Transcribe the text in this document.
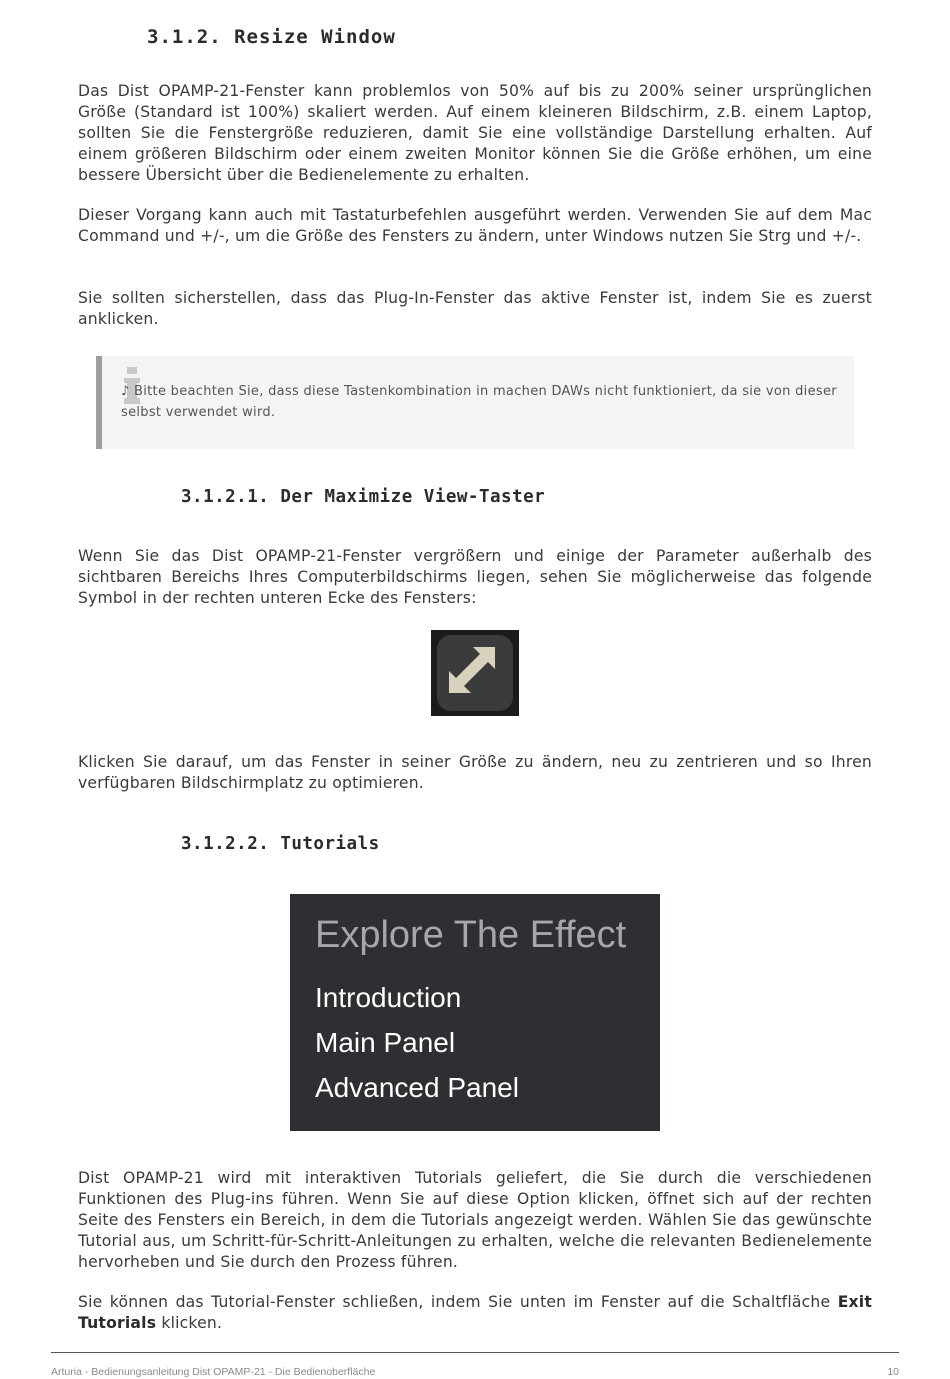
3.1.2. Resize Window

Das Dist OPAMP-21-Fenster kann problemlos von 50% auf bis zu 200% seiner ursprünglichen Größe (Standard ist 100%) skaliert werden. Auf einem kleineren Bildschirm, z.B. einem Laptop, sollten Sie die Fenstergröße reduzieren, damit Sie eine vollständige Darstellung erhalten. Auf einem größeren Bildschirm oder einem zweiten Monitor können Sie die Größe erhöhen, um eine bessere Übersicht über die Bedienelemente zu erhalten.

Dieser Vorgang kann auch mit Tastaturbefehlen ausgeführt werden. Verwenden Sie auf dem Mac Command und +/-, um die Größe des Fensters zu ändern, unter Windows nutzen Sie Strg und +/-.

Sie sollten sicherstellen, dass das Plug-In-Fenster das aktive Fenster ist, indem Sie es zuerst anklicken.

♪ Bitte beachten Sie, dass diese Tastenkombination in machen DAWs nicht funktioniert, da sie von dieser selbst verwendet wird.
3.1.2.1. Der Maximize View-Taster

Wenn Sie das Dist OPAMP-21-Fenster vergrößern und einige der Parameter außerhalb des sichtbaren Bereichs Ihres Computerbildschirms liegen, sehen Sie möglicherweise das folgende Symbol in der rechten unteren Ecke des Fensters:

Klicken Sie darauf, um das Fenster in seiner Größe zu ändern, neu zu zentrieren und so Ihren verfügbaren Bildschirmplatz zu optimieren.

3.1.2.2. Tutorials
Explore The Effect
Introduction
Main Panel
Advanced Panel

Dist OPAMP-21 wird mit interaktiven Tutorials geliefert, die Sie durch die verschiedenen Funktionen des Plug-ins führen. Wenn Sie auf diese Option klicken, öffnet sich auf der rechten Seite des Fensters ein Bereich, in dem die Tutorials angezeigt werden. Wählen Sie das gewünschte Tutorial aus, um Schritt-für-Schritt-Anleitungen zu erhalten, welche die relevanten Bedienelemente hervorheben und Sie durch den Prozess führen.

Sie können das Tutorial-Fenster schließen, indem Sie unten im Fenster auf die Schaltfläche Exit Tutorials klicken.

Arturia - Bedienungsanleitung Dist OPAMP-21 - Die Bedienoberfläche	10
